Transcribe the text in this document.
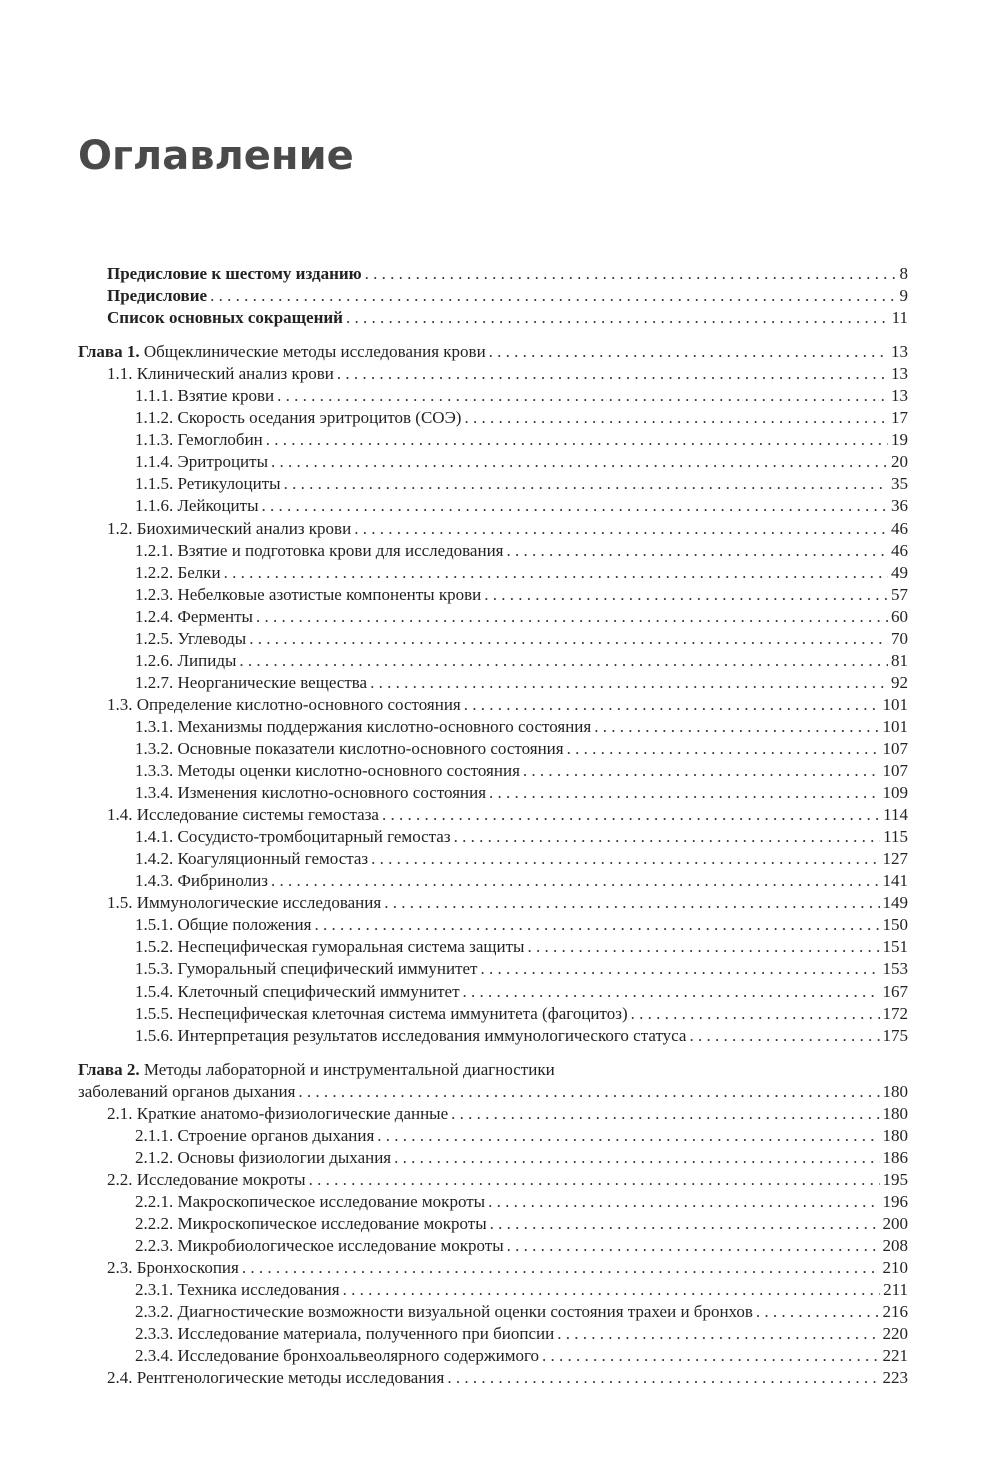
Оглавление
Предисловие к шестому изданию . . .	8
Предисловие . . .	9
Список основных сокращений . . .	11
Глава 1. Общеклинические методы исследования крови . . .	13
1.1. Клинический анализ крови . . .	13
1.1.1. Взятие крови . . .	13
1.1.2. Скорость оседания эритроцитов (СОЭ) . . .	17
1.1.3. Гемоглобин . . .	19
1.1.4. Эритроциты . . .	20
1.1.5. Ретикулоциты . . .	35
1.1.6. Лейкоциты . . .	36
1.2. Биохимический анализ крови . . .	46
1.2.1. Взятие и подготовка крови для исследования . . .	46
1.2.2. Белки . . .	49
1.2.3. Небелковые азотистые компоненты крови . . .	57
1.2.4. Ферменты . . .	60
1.2.5. Углеводы . . .	70
1.2.6. Липиды . . .	81
1.2.7. Неорганические вещества . . .	92
1.3. Определение кислотно-основного состояния . . .	101
1.3.1. Механизмы поддержания кислотно-основного состояния . . .	101
1.3.2. Основные показатели кислотно-основного состояния . . .	107
1.3.3. Методы оценки кислотно-основного состояния . . .	107
1.3.4. Изменения кислотно-основного состояния . . .	109
1.4. Исследование системы гемостаза . . .	114
1.4.1. Сосудисто-тромбоцитарный гемостаз . . .	115
1.4.2. Коагуляционный гемостаз . . .	127
1.4.3. Фибринолиз . . .	141
1.5. Иммунологические исследования . . .	149
1.5.1. Общие положения . . .	150
1.5.2. Неспецифическая гуморальная система защиты . . .	151
1.5.3. Гуморальный специфический иммунитет . . .	153
1.5.4. Клеточный специфический иммунитет . . .	167
1.5.5. Неспецифическая клеточная система иммунитета (фагоцитоз) . . .	172
1.5.6. Интерпретация результатов исследования иммунологического статуса . . .	175
Глава 2. Методы лабораторной и инструментальной диагностики
заболеваний органов дыхания . . .	180
2.1. Краткие анатомо-физиологические данные . . .	180
2.1.1. Строение органов дыхания . . .	180
2.1.2. Основы физиологии дыхания . . .	186
2.2. Исследование мокроты . . .	195
2.2.1. Макроскопическое исследование мокроты . . .	196
2.2.2. Микроскопическое исследование мокроты . . .	200
2.2.3. Микробиологическое исследование мокроты . . .	208
2.3. Бронхоскопия . . .	210
2.3.1. Техника исследования . . .	211
2.3.2. Диагностические возможности визуальной оценки состояния трахеи и бронхов . . .	216
2.3.3. Исследование материала, полученного при биопсии . . .	220
2.3.4. Исследование бронхоальвеолярного содержимого . . .	221
2.4. Рентгенологические методы исследования . . .	223
